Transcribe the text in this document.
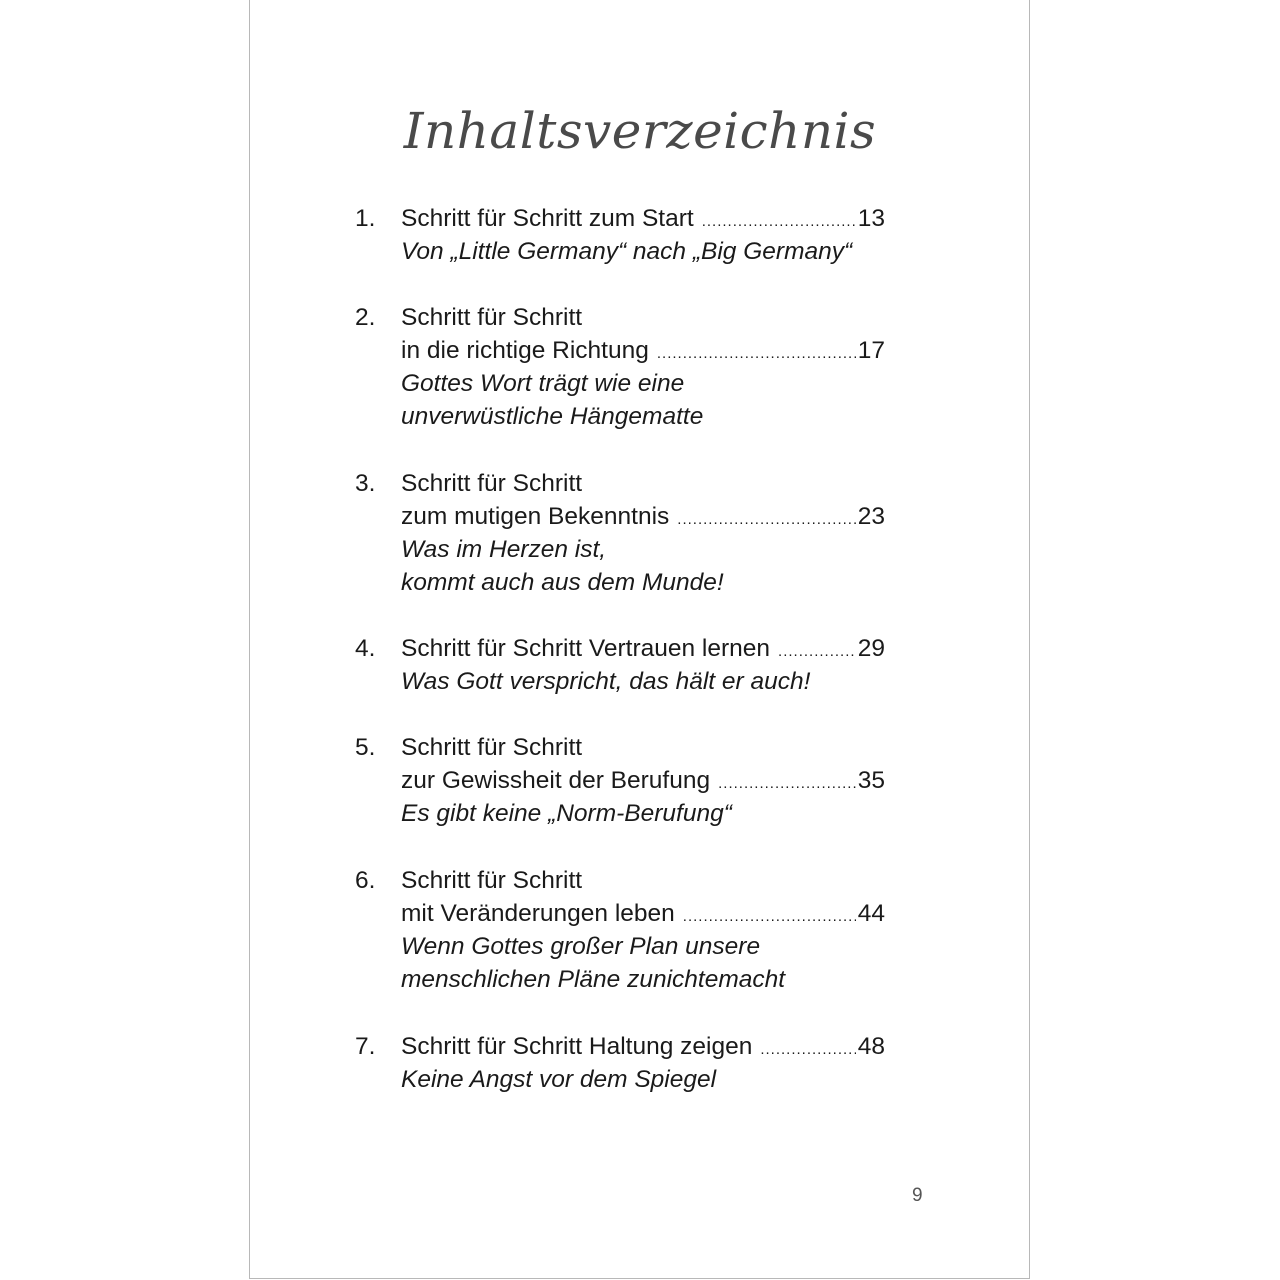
Inhaltsverzeichnis
1. Schritt für Schritt zum Start .....	13
Von „Little Germany“ nach „Big Germany“
2. Schritt für Schritt
in die richtige Richtung .....	17
Gottes Wort trägt wie eine
unverwüstliche Hängematte
3. Schritt für Schritt
zum mutigen Bekenntnis .....	23
Was im Herzen ist,
kommt auch aus dem Munde!
4. Schritt für Schritt Vertrauen lernen .....	29
Was Gott verspricht, das hält er auch!
5. Schritt für Schritt
zur Gewissheit der Berufung .....	35
Es gibt keine „Norm-Berufung“
6. Schritt für Schritt
mit Veränderungen leben .....	44
Wenn Gottes großer Plan unsere
menschlichen Pläne zunichtemacht
7. Schritt für Schritt Haltung zeigen .....	48
Keine Angst vor dem Spiegel
9
